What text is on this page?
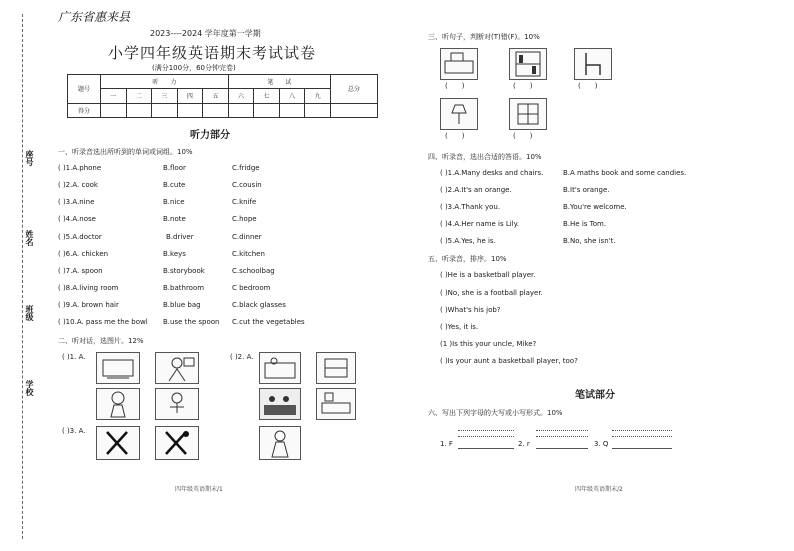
广东省惠来县
座号
姓名
班级
学校
2023----2024 学年度第一学期
小学四年级英语期末考试试卷
(满分100分，60分钟完卷)
题号	听　　力					笔　　试				总分
	一	二	三	四	五	六	七	八	九	
得分										
听力部分
一、听录音选出所听到的单词或词组。10%
( )1.A.phone	B.floor	C.fridge
( )2.A. cook	B.cute	C.cousin
( )3.A.nine	B.nice	C.knife
( )4.A.nose	B.note	C.hope
( )5.A.doctor	B.driver	C.dinner
( )6.A. chicken	B.keys	C.kitchen
( )7.A. spoon	B.storybook	C.schoolbag
( )8.A.living room	B.bathroom	C bedroom
( )9.A. brown hair	B.blue bag	C.black glasses
( )10.A. pass me the bowl B.use the spoon C.cut the vegetables
二、听对话，选图片。12%
( )1. A.
( )3. A.
( )2. A.
四年级英语期末/1
三、听句子，判断对(T)错(F)。10%
(　　)	(　　)	(　　)
(　　)	(　　)
四、听录音，选出合适的答语。10%
( )1.A.Many desks and chairs.	B.A maths book and some candies.
( )2.A.It's an orange.	B.It's orange.
( )3.A.Thank you.	B.You're welcome.
( )4.A.Her name is Lily.	B.He is Tom.
( )5.A.Yes, he is.	B.No, she isn't.
五、听录音，排序。10%
( )He is a basketball player.
( )No, she is a football player.
( )What's his job?
( )Yes, it is.
(1 )Is this your uncle, Mike?
( )Is your aunt a basketball player, too?
笔试部分
六、写出下列字母的大写或小写形式。10%
1. F	2. r	3. Q
四年级英语期末/2
